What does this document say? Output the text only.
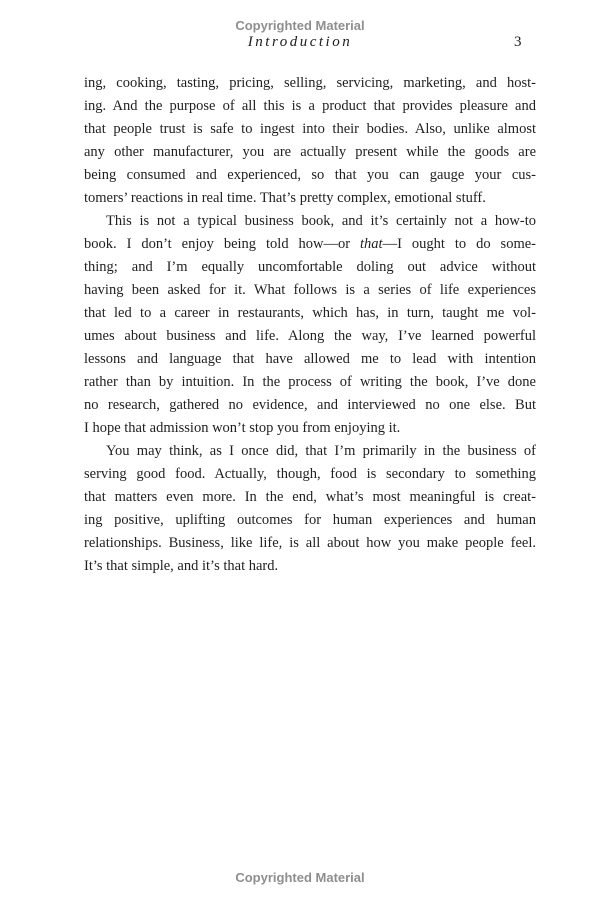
Copyrighted Material
Introduction	3
ing, cooking, tasting, pricing, selling, servicing, marketing, and host-
ing. And the purpose of all this is a product that provides pleasure and
that people trust is safe to ingest into their bodies. Also, unlike almost
any other manufacturer, you are actually present while the goods are
being consumed and experienced, so that you can gauge your cus-
tomers’ reactions in real time. That’s pretty complex, emotional stuff.
This is not a typical business book, and it’s certainly not a how-to
book. I don’t enjoy being told how—or that—I ought to do some-
thing; and I’m equally uncomfortable doling out advice without
having been asked for it. What follows is a series of life experiences
that led to a career in restaurants, which has, in turn, taught me vol-
umes about business and life. Along the way, I’ve learned powerful
lessons and language that have allowed me to lead with intention
rather than by intuition. In the process of writing the book, I’ve done
no research, gathered no evidence, and interviewed no one else. But
I hope that admission won’t stop you from enjoying it.
You may think, as I once did, that I’m primarily in the business of
serving good food. Actually, though, food is secondary to something
that matters even more. In the end, what’s most meaningful is creat-
ing positive, uplifting outcomes for human experiences and human
relationships. Business, like life, is all about how you make people feel.
It’s that simple, and it’s that hard.
Copyrighted Material
